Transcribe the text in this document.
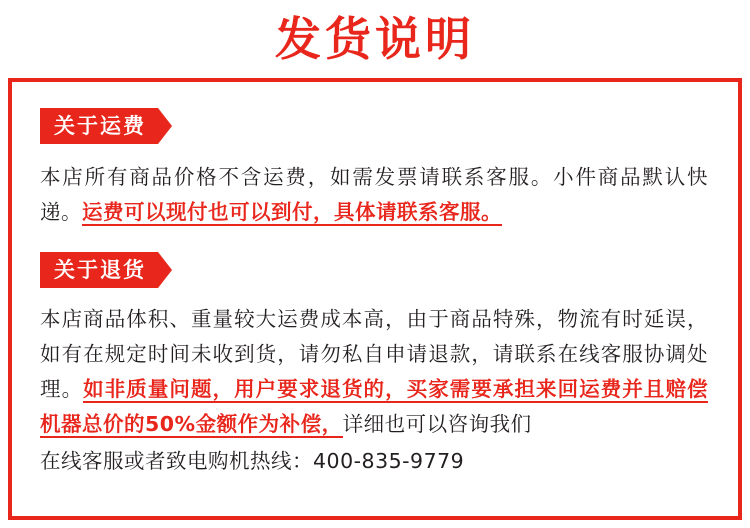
发货说明
关于运费
本店所有商品价格不含运费，如需发票请联系客服。小件商品默认快递。运费可以现付也可以到付，具体请联系客服。
关于退货
本店商品体积、重量较大运费成本高，由于商品特殊，物流有时延误，如有在规定时间未收到货，请勿私自申请退款，请联系在线客服协调处理。如非质量问题，用户要求退货的，买家需要承担来回运费并且赔偿机器总价的50%金额作为补偿，详细也可以咨询我们
在线客服或者致电购机热线：400-835-9779
